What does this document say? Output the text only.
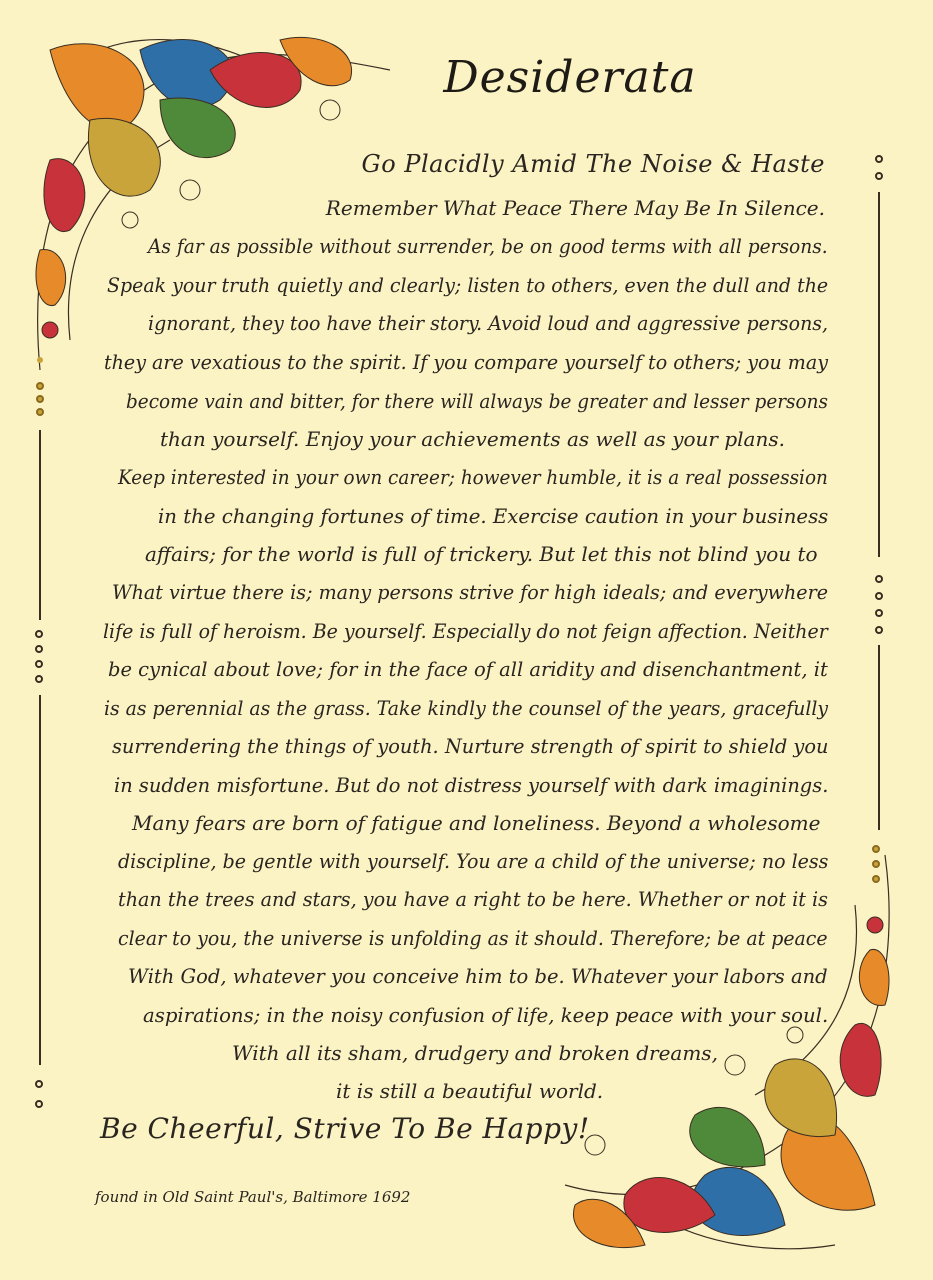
Desiderata
Go Placidly Amid The Noise & Haste
Remember What Peace There May Be In Silence.
As far as possible without surrender, be on good terms with all persons.
Speak your truth quietly and clearly; listen to others, even the dull and the
ignorant, they too have their story. Avoid loud and aggressive persons,
they are vexatious to the spirit. If you compare yourself to others; you may
become vain and bitter, for there will always be greater and lesser persons
than yourself. Enjoy your achievements as well as your plans.
Keep interested in your own career; however humble, it is a real possession
in the changing fortunes of time. Exercise caution in your business
affairs; for the world is full of trickery. But let this not blind you to
What virtue there is; many persons strive for high ideals; and everywhere
life is full of heroism. Be yourself. Especially do not feign affection. Neither
be cynical about love; for in the face of all aridity and disenchantment, it
is as perennial as the grass. Take kindly the counsel of the years, gracefully
surrendering the things of youth. Nurture strength of spirit to shield you
in sudden misfortune. But do not distress yourself with dark imaginings.
Many fears are born of fatigue and loneliness. Beyond a wholesome
discipline, be gentle with yourself. You are a child of the universe; no less
than the trees and stars, you have a right to be here. Whether or not it is
clear to you, the universe is unfolding as it should. Therefore; be at peace
With God, whatever you conceive him to be. Whatever your labors and
aspirations; in the noisy confusion of life, keep peace with your soul.
With all its sham, drudgery and broken dreams,
it is still a beautiful world.
Be Cheerful, Strive To Be Happy!
found in Old Saint Paul's, Baltimore 1692
